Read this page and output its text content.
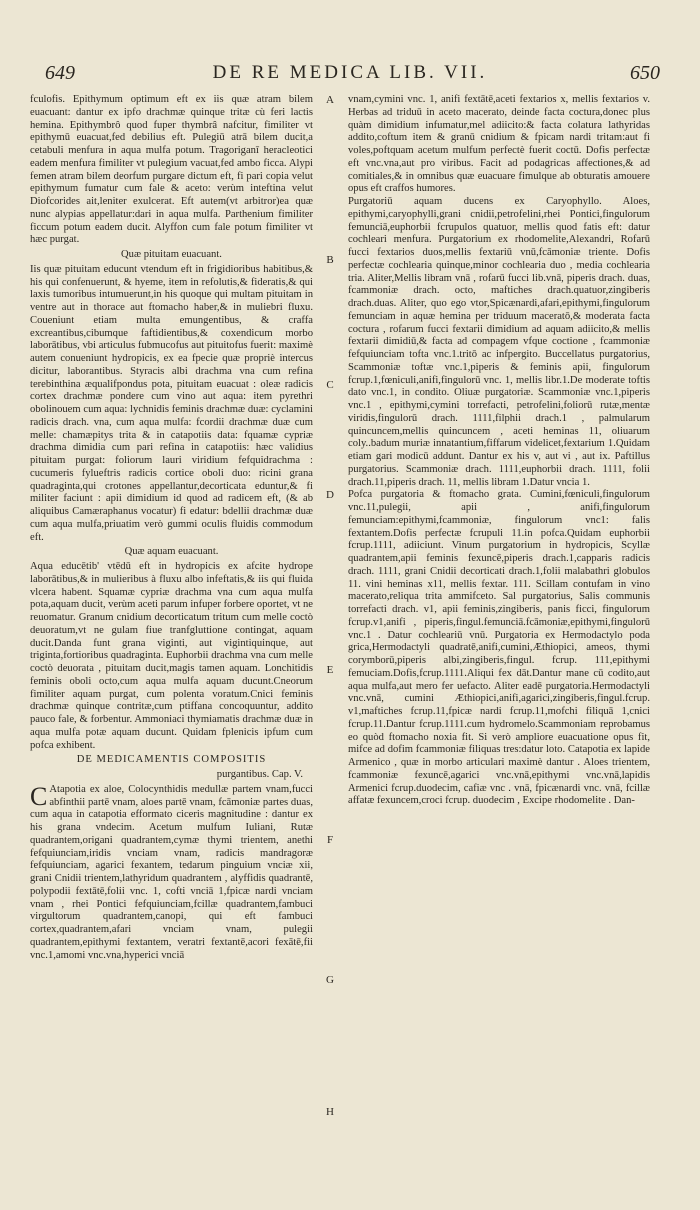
649	DE RE MEDICA LIB. VII.	650

fculofis. Epithymum optimum eft ex iis quæ atram bilem euacuant: dantur ex ipfo drachmæ quinque tritæ cù feri lactis hemina. Epithymbrô quod fuper thymbrâ nafcitur, fimiliter vt epithymū euacuat,fed debilius eft. Pulegiū atrā bilem ducit,a cetabuli menfura in aqua mulfa potum. Tragoriganī heracleotici eadem menfura fimiliter vt pulegium vacuat,fed ambo ficca. Alypi femen atram bilem deorfum purgare dictum eft, fi pari copia velut epithymum fumatur cum fale & aceto: verùm inteftina velut Diofcorides ait,leniter exulcerat. Eft autem(vt arbitror)ea quæ nunc alypias appellatur:dari in aqua mulfa. Parthenium fimiliter ficcum potum eadem ducit. Alyffon cum fale potum fimiliter vt hæc purgat.

Quæ pituitam euacuant.

Iis quæ pituitam educunt vtendum eft in frigidioribus habitibus,& his qui confenuerunt, & hyeme, item in refolutis,& fideratis,& qui laxis tumoribus intumuerunt,in his quoque qui multam pituitam in ventre aut in thorace aut ftomacho haber,& in muliebri fluxu. Coueniunt etiam multa emungentibus, & craffa excreantibus,cibumque faftidientibus,& coxendicum morbo laborātibus, vbi articulus fubmucofus aut pituitofus fuerit: maximè autem conueniunt hydropicis, ex ea fpecie quæ propriè intercus dicitur, laborantibus. Styracis albi drachma vna cum refina terebinthina æqualifpondus pota, pituitam euacuat : oleæ radicis cortex drachmæ pondere cum vino aut aqua: item pyrethri obolinouem cum aqua: lychnidis feminis drachmæ duæ: cyclamini radicis drach. vna, cum aqua mulfa: fcordii drachmæ duæ cum melle: chamæpitys trita & in catapotiis data: fquamæ cypriæ drachma dimidia cum pari refina in catapotiis: hæc validius pituitam purgat: foliorum lauri viridium fefquidrachma : cucumeris fylueftris radicis cortice oboli duo: ricini grana quadraginta,qui crotones appellantur,decorticata eduntur,& fi militer faciunt : apii dimidium id quod ad radicem eft, (& ab aliquibus Camæraphanus vocatur) fi edatur: bdellii drachmæ duæ cum aqua mulfa,priuatim verò gummi oculis fluidis commodum eft.

Quæ aquam euacuant.

Aqua educētib' vtēdū eft in hydropicis ex afcite hydrope laborātibus,& in mulieribus à fluxu albo infeftatis,& iis qui fluida vlcera habent. Squamæ cypriæ drachma vna cum aqua mulfa pota,aquam ducit, verùm aceti parum infuper forbere oportet, vt ne reuomatur. Granum cnidium decorticatum tritum cum melle coctò deuoratum,vt ne gulam fiue tranfgluttione contingat, aquam ducit.Danda funt grana viginti, aut vigintiquinque, aut triginta,fortioribus quadraginta. Euphorbii drachma vna cum melle coctò deuorata , pituitam ducit,magis tamen aquam. Lonchitidis feminis oboli octo,cum aqua mulfa aquam ducunt.Cneorum fimiliter aquam purgat, cum polenta voratum.Cnici feminis drachmæ quinque contritæ,cum ptiffana concoquuntur, addito pauco fale, & forbentur. Ammoniaci thymiamatis drachmæ duæ in aqua mulfa potæ aquam ducunt. Quidam fplenicis ipfum cum pofca exhibent.

DE MEDICAMENTIS COMPOSITIS
purgantibus. Cap. V.

C Atapotia ex aloe, Colocynthidis medullæ partem vnam,fucci abfinthii partē vnam, aloes partē vnam, fcāmoniæ partes duas, cum aqua in catapotia efformato ciceris magnitudine : dantur ex his grana vndecim. Acetum mulfum Iuliani, Rutæ quadrantem,origani quadrantem,cymæ thymi trientem, anethi fefquiunciam,iridis vnciam vnam, radicis mandragoræ fefquiunciam, agarici fexantem, tedarum pinguium vnciæ xii, grani Cnidii trientem,lathyridum quadrantem , alyffidis quadrantē, polypodii fextātē,folii vnc. 1, cofti vnciā 1,fpicæ nardi vnciam vnam , rhei Pontici fefquiunciam,fcillæ quadrantem,fambuci virgultorum quadrantem,canopi, qui eft fambuci cortex,quadrantem,afari vnciam vnam, pulegii quadrantem,epithymi fextantem, veratri fextantē,acori fexātē,fii vnc.1,amomi vnc.vna,hyperici vnciā

A
B
C
D
E
F
G
H

vnam,cymini vnc. 1, anifi fextātē,aceti fextarios x, mellis fextarios v. Herbas ad triduū in aceto macerato, deinde facta coctura,donec plus quàm dimidium infumatur,mel adiicito:& facta colatura lathyridas addito,coftum item & granū cnidium & fpicam nardi tritam:aut fi voles,poftquam acetum mulfum perfectè fuerit coctū. Dofis perfectæ eft vnc.vna,aut pro viribus. Facit ad podagricas affectiones,& ad comitiales,& in omnibus quæ euacuare fimulque ab obturatis amouere opus eft craffos humores.

Purgatoriū aquam ducens ex Caryophyllo. Aloes, epithymi,caryophylli,grani cnidii,petrofelini,rhei Pontici,fingulorum femunciā,euphorbii fcrupulos quatuor, mellis quod fatis eft: datur cochleari menfura. Purgatorium ex rhodomelite,Alexandri, Rofarū fucci fextarios duos,mellis fextariū vnū,fcāmoniæ triente. Dofis perfectæ cochlearia quinque,minor cochlearia duo , media cochlearia tria. Aliter,Mellis libram vnā , rofarū fucci lib.vnā, piperis drach. duas, fcammoniæ drach. octo, maftiches drach.quatuor,zingiberis drach.duas. Aliter, quo ego vtor,Spicænardi,afari,epithymi,fingulorum femunciam in aquæ hemina per triduum maceratō,& moderata facta coctura , rofarum fucci fextarii dimidium ad aquam adiicito,& mellis fextarii dimidiū,& facta ad compagem vfque coctione , fcammoniæ fefquiunciam tofta vnc.1.tritō ac infpergito. Buccellatus purgatorius, Scammoniæ toftæ vnc.1,piperis & feminis apii, fingulorum fcrup.1,fœniculi,anifi,fingulorū vnc. 1, mellis libr.1.De moderate toftis dato vnc.1, in condito. Oliuæ purgatoriæ. Scammoniæ vnc.1,piperis vnc.1 , epithymi,cymini torrefacti, petrofelini,foliorū rutæ,mentæ viridis,fingulorū drach. 1111,filphii drach.1 , palmularum quincuncem,mellis quincuncem , aceti heminas 11, oliuarum coly..badum muriæ innatantium,fiffarum videlicet,fextarium 1.Quidam etiam gari modicū addunt. Dantur ex his v, aut vi , aut ix. Paftillus purgatorius. Scammoniæ drach. 1111,euphorbii drach. 1111, folii drach.11,piperis drach. 11, mellis libram 1.Datur vncia 1.

Pofca purgatoria & ftomacho grata. Cumini,fœniculi,fingulorum vnc.11,pulegii, apii , anifi,fingulorum femunciam:epithymi,fcammoniæ, fingulorum vnc1: falis fextantem.Dofis perfectæ fcrupuli 11.in pofca.Quidam euphorbii fcrup.1111, adiiciunt. Vinum purgatorium in hydropicis, Scyllæ quadrantem,apii feminis fexuncē,piperis drach.1,capparis radicis drach. 1111, grani Cnidii decorticati drach.1,folii malabathri globulos 11. vini heminas x11, mellis fextar. 111. Scillam contufam in vino macerato,reliqua trita ammifceto. Sal purgatorius, Salis communis torrefacti drach. v1, apii feminis,zingiberis, panis ficci, fingulorum fcrup.v1,anifi , piperis,fingul.femunciā.fcāmoniæ,epithymi,fingulorū vnc.1 . Datur cochleariū vnū. Purgatoria ex Hermodactylo poda grica,Hermodactyli quadratē,anifi,cumini,Æthiopici, ameos, thymi corymborū,piperis albi,zingiberis,fingul. fcrup. 111,epithymi femuciam.Dofis,fcrup.1111.Aliqui fex dāt.Dantur mane cū codito,aut aqua mulfa,aut mero fer uefacto. Aliter eadē purgatoria.Hermodactyli vnc.vnā, cumini Æthiopici,anifi,agarici,zingiberis,fingul.fcrup. v1,maftiches fcrup.11,fpicæ nardi fcrup.11,mofchi filiquā 1,cnici fcrup.11.Dantur fcrup.1111.cum hydromelo.Scammoniam reprobamus eo quòd ftomacho noxia fit. Si verò ampliore euacuatione opus fit, mifce ad dofim fcammoniæ filiquas tres:datur loto. Catapotia ex lapide Armenico , quæ in morbo articulari maximè dantur . Aloes trientem, fcammoniæ fexuncē,agarici vnc.vnā,epithymi vnc.vnā,lapidis Armenici fcrup.duodecim, cafiæ vnc . vnā, fpicænardi vnc. vnā, fcillæ affatæ fexuncem,croci fcrup. duodecim , Excipe rhodomelite . Dan-
